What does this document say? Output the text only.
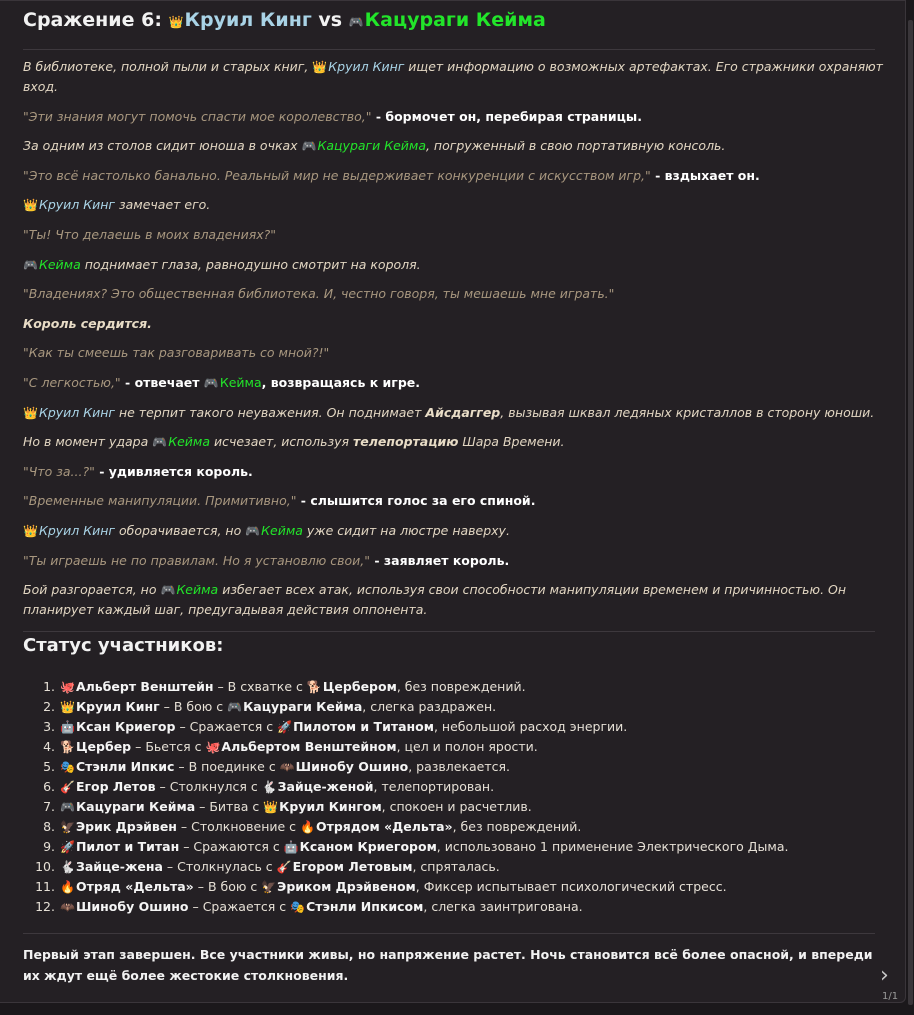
Сражение 6: 👑Круил Кинг vs 🎮Кацураги Кейма

В библиотеке, полной пыли и старых книг, 👑Круил Кинг ищет информацию о возможных артефактах. Его стражники охраняют вход.

"Эти знания могут помочь спасти мое королевство," - бормочет он, перебирая страницы.

За одним из столов сидит юноша в очках 🎮Кацураги Кейма, погруженный в свою портативную консоль.

"Это всё настолько банально. Реальный мир не выдерживает конкуренции с искусством игр," - вздыхает он.

👑Круил Кинг замечает его.

"Ты! Что делаешь в моих владениях?"

🎮Кейма поднимает глаза, равнодушно смотрит на короля.

"Владениях? Это общественная библиотека. И, честно говоря, ты мешаешь мне играть."

Король сердится.

"Как ты смеешь так разговаривать со мной?!"

"С легкостью," - отвечает 🎮Кейма, возвращаясь к игре.

👑Круил Кинг не терпит такого неуважения. Он поднимает Айсдаггер, вызывая шквал ледяных кристаллов в сторону юноши.

Но в момент удара 🎮Кейма исчезает, используя телепортацию Шара Времени.

"Что за...?" - удивляется король.

"Временные манипуляции. Примитивно," - слышится голос за его спиной.

👑Круил Кинг оборачивается, но 🎮Кейма уже сидит на люстре наверху.

"Ты играешь не по правилам. Но я установлю свои," - заявляет король.

Бой разгорается, но 🎮Кейма избегает всех атак, используя свои способности манипуляции временем и причинностью. Он планирует каждый шаг, предугадывая действия оппонента.

Статус участников:
1. 🐙Альберт Венштейн – В схватке с 🐕Цербером, без повреждений.
2. 👑Круил Кинг – В бою с 🎮Кацураги Кейма, слегка раздражен.
3. 🤖Ксан Криегор – Сражается с 🚀Пилотом и Титаном, небольшой расход энергии.
4. 🐕Цербер – Бьется с 🐙Альбертом Венштейном, цел и полон ярости.
5. 🎭Стэнли Ипкис – В поединке с 🦇Шинобу Ошино, развлекается.
6. 🎸Егор Летов – Столкнулся с 🐇Зайце-женой, телепортирован.
7. 🎮Кацураги Кейма – Битва с 👑Круил Кингом, спокоен и расчетлив.
8. 🦅Эрик Дрэйвен – Столкновение с 🔥Отрядом «Дельта», без повреждений.
9. 🚀Пилот и Титан – Сражаются с 🤖Ксаном Криегором, использовано 1 применение Электрического Дыма.
10. 🐇Зайце-жена – Столкнулась с 🎸Егором Летовым, спряталась.
11. 🔥Отряд «Дельта» – В бою с 🦅Эриком Дрэйвеном, Фиксер испытывает психологический стресс.
12. 🦇Шинобу Ошино – Сражается с 🎭Стэнли Ипкисом, слегка заинтригована.
Первый этап завершен. Все участники живы, но напряжение растет. Ночь становится всё более опасной, и впереди их ждут ещё более жестокие столкновения.	›
1/1
